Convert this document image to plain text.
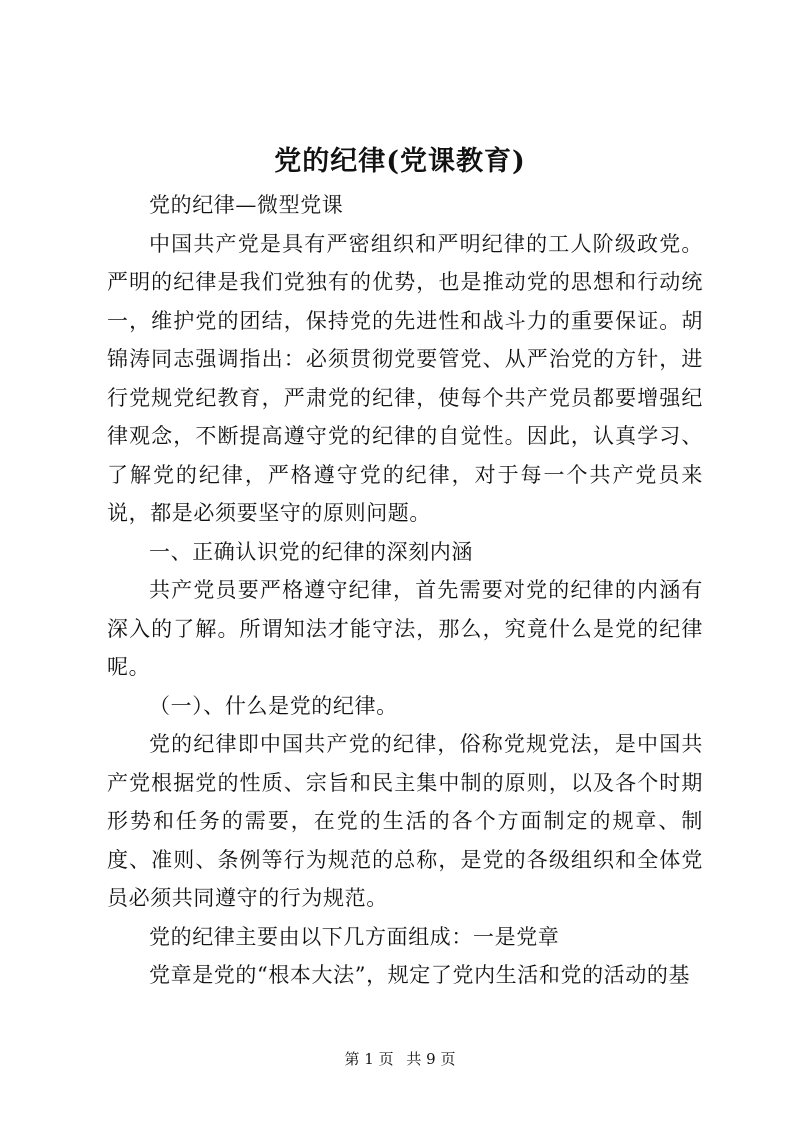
党的纪律(党课教育)

党的纪律—微型党课

中国共产党是具有严密组织和严明纪律的工人阶级政党。严明的纪律是我们党独有的优势，也是推动党的思想和行动统一，维护党的团结，保持党的先进性和战斗力的重要保证。胡锦涛同志强调指出：必须贯彻党要管党、从严治党的方针，进行党规党纪教育，严肃党的纪律，使每个共产党员都要增强纪律观念，不断提高遵守党的纪律的自觉性。因此，认真学习、了解党的纪律，严格遵守党的纪律，对于每一个共产党员来说，都是必须要坚守的原则问题。

一、正确认识党的纪律的深刻内涵

共产党员要严格遵守纪律，首先需要对党的纪律的内涵有深入的了解。所谓知法才能守法，那么，究竟什么是党的纪律呢。

（一）、什么是党的纪律。

党的纪律即中国共产党的纪律，俗称党规党法，是中国共产党根据党的性质、宗旨和民主集中制的原则，以及各个时期形势和任务的需要，在党的生活的各个方面制定的规章、制度、准则、条例等行为规范的总称，是党的各级组织和全体党员必须共同遵守的行为规范。

党的纪律主要由以下几方面组成：一是党章

党章是党的“根本大法”，规定了党内生活和党的活动的基

第 1 页 共 9 页
